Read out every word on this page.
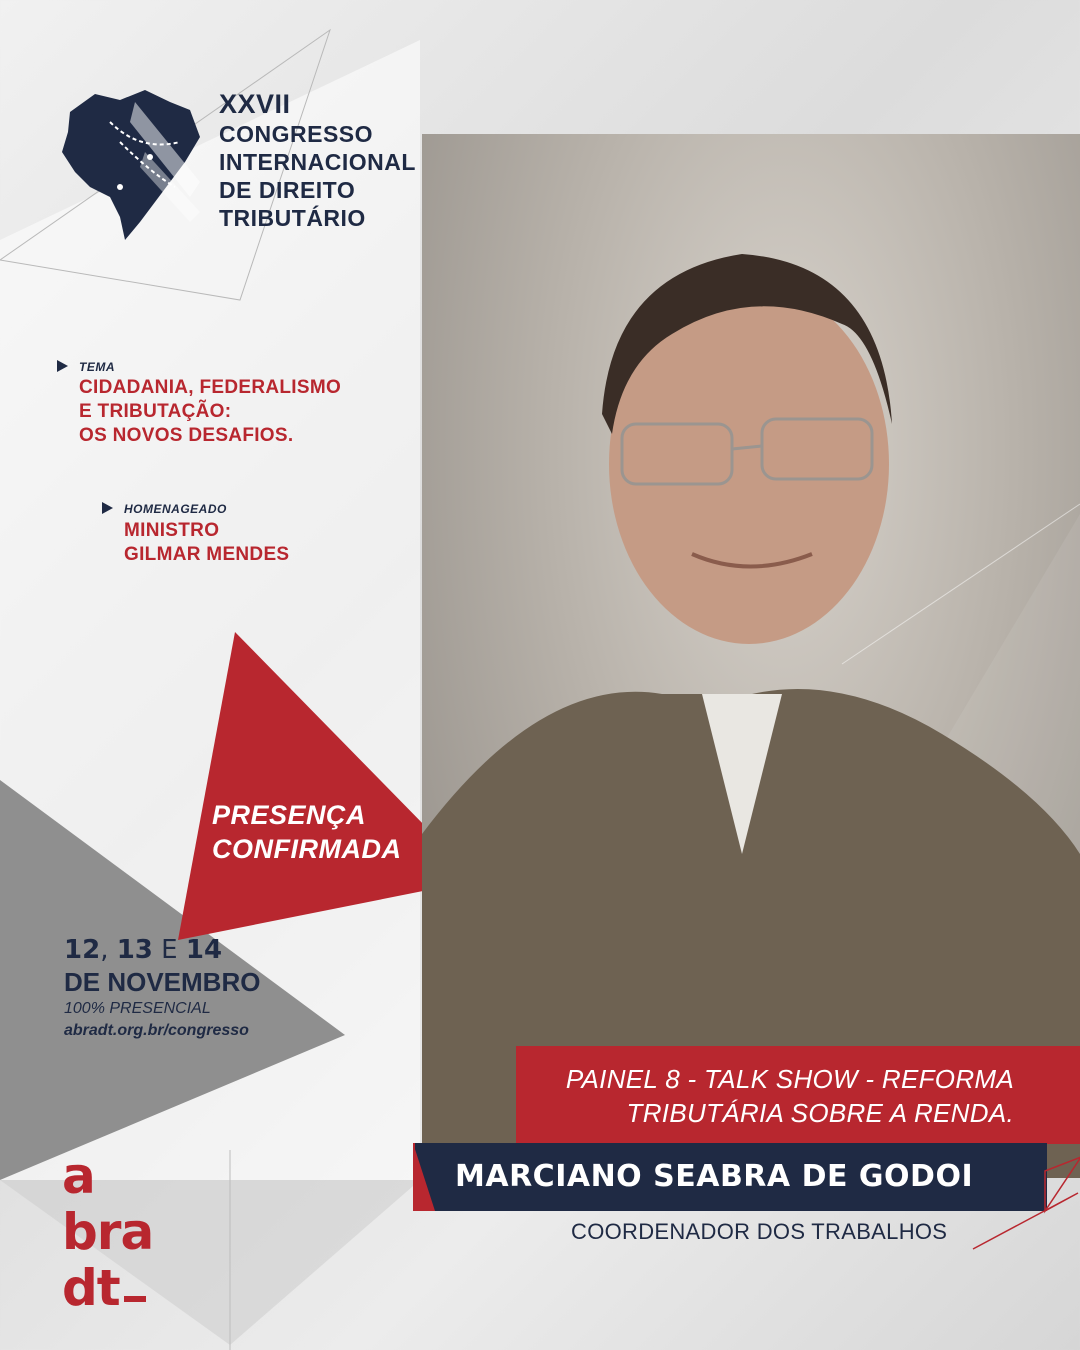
XXVII
CONGRESSO
INTERNACIONAL
DE DIREITO
TRIBUTÁRIO
TEMA
CIDADANIA, FEDERALISMO
E TRIBUTAÇÃO:
OS NOVOS DESAFIOS.
HOMENAGEADO
MINISTRO
GILMAR MENDES
PRESENÇA
CONFIRMADA
12, 13 E 14
DE NOVEMBRO
100% PRESENCIAL
abradt.org.br/congresso
a
bra
dt
PAINEL 8 - TALK SHOW - REFORMA
TRIBUTÁRIA SOBRE A RENDA.
MARCIANO SEABRA DE GODOI
COORDENADOR DOS TRABALHOS
